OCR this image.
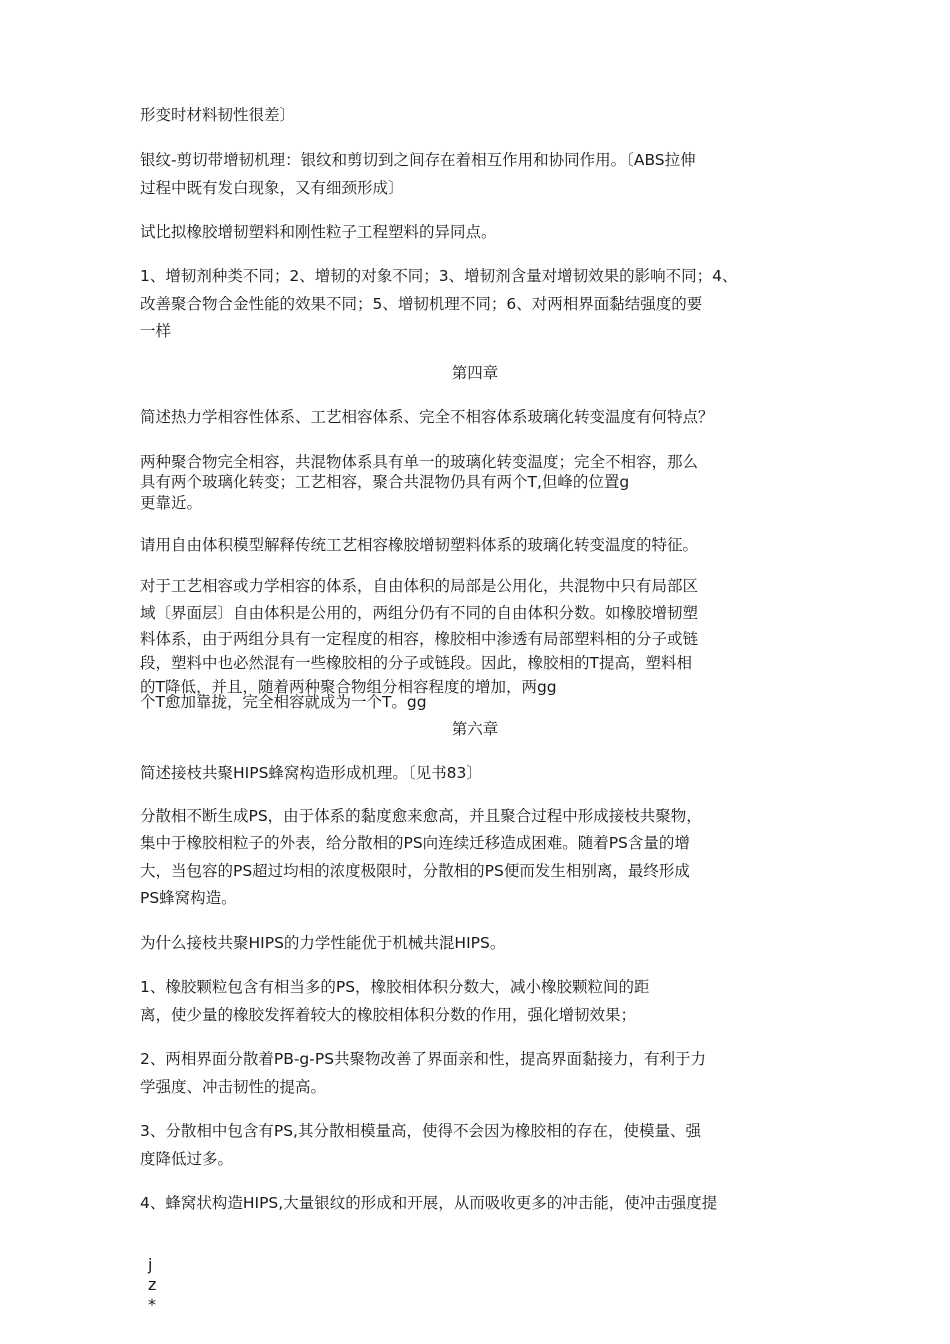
形变时材料韧性很差〕

银纹-剪切带增韧机理：银纹和剪切到之间存在着相互作用和协同作用。〔ABS拉伸

过程中既有发白现象，又有细颈形成〕

试比拟橡胶增韧塑料和刚性粒子工程塑料的异同点。

1、增韧剂种类不同；2、增韧的对象不同；3、增韧剂含量对增韧效果的影响不同；4、

改善聚合物合金性能的效果不同；5、增韧机理不同；6、对两相界面黏结强度的要

一样

第四章

简述热力学相容性体系、工艺相容体系、完全不相容体系玻璃化转变温度有何特点？

两种聚合物完全相容，共混物体系具有单一的玻璃化转变温度；完全不相容，那么

具有两个玻璃化转变；工艺相容，聚合共混物仍具有两个T,但峰的位置g

更靠近。

请用自由体积模型解释传统工艺相容橡胶增韧塑料体系的玻璃化转变温度的特征。

对于工艺相容或力学相容的体系，自由体积的局部是公用化，共混物中只有局部区

域〔界面层〕自由体积是公用的，两组分仍有不同的自由体积分数。如橡胶增韧塑

料体系，由于两组分具有一定程度的相容，橡胶相中渗透有局部塑料相的分子或链

段，塑料中也必然混有一些橡胶相的分子或链段。因此，橡胶相的T提高，塑料相

的T降低，并且，随着两种聚合物组分相容程度的增加，两gg

个T愈加靠拢，完全相容就成为一个T。gg

第六章

简述接枝共聚HIPS蜂窝构造形成机理。〔见书83〕

分散相不断生成PS，由于体系的黏度愈来愈高，并且聚合过程中形成接枝共聚物，

集中于橡胶相粒子的外表，给分散相的PS向连续迁移造成困难。随着PS含量的增

大，当包容的PS超过均相的浓度极限时，分散相的PS便而发生相别离，最终形成

PS蜂窝构造。

为什么接枝共聚HIPS的力学性能优于机械共混HIPS。

1、橡胶颗粒包含有相当多的PS，橡胶相体积分数大，减小橡胶颗粒间的距

离，使少量的橡胶发挥着较大的橡胶相体积分数的作用，强化增韧效果；

2、两相界面分散着PB-g-PS共聚物改善了界面亲和性，提高界面黏接力，有利于力

学强度、冲击韧性的提高。

3、分散相中包含有PS,其分散相模量高，使得不会因为橡胶相的存在，使模量、强

度降低过多。

4、蜂窝状构造HIPS,大量银纹的形成和开展，从而吸收更多的冲击能，使冲击强度提

j

z

*
